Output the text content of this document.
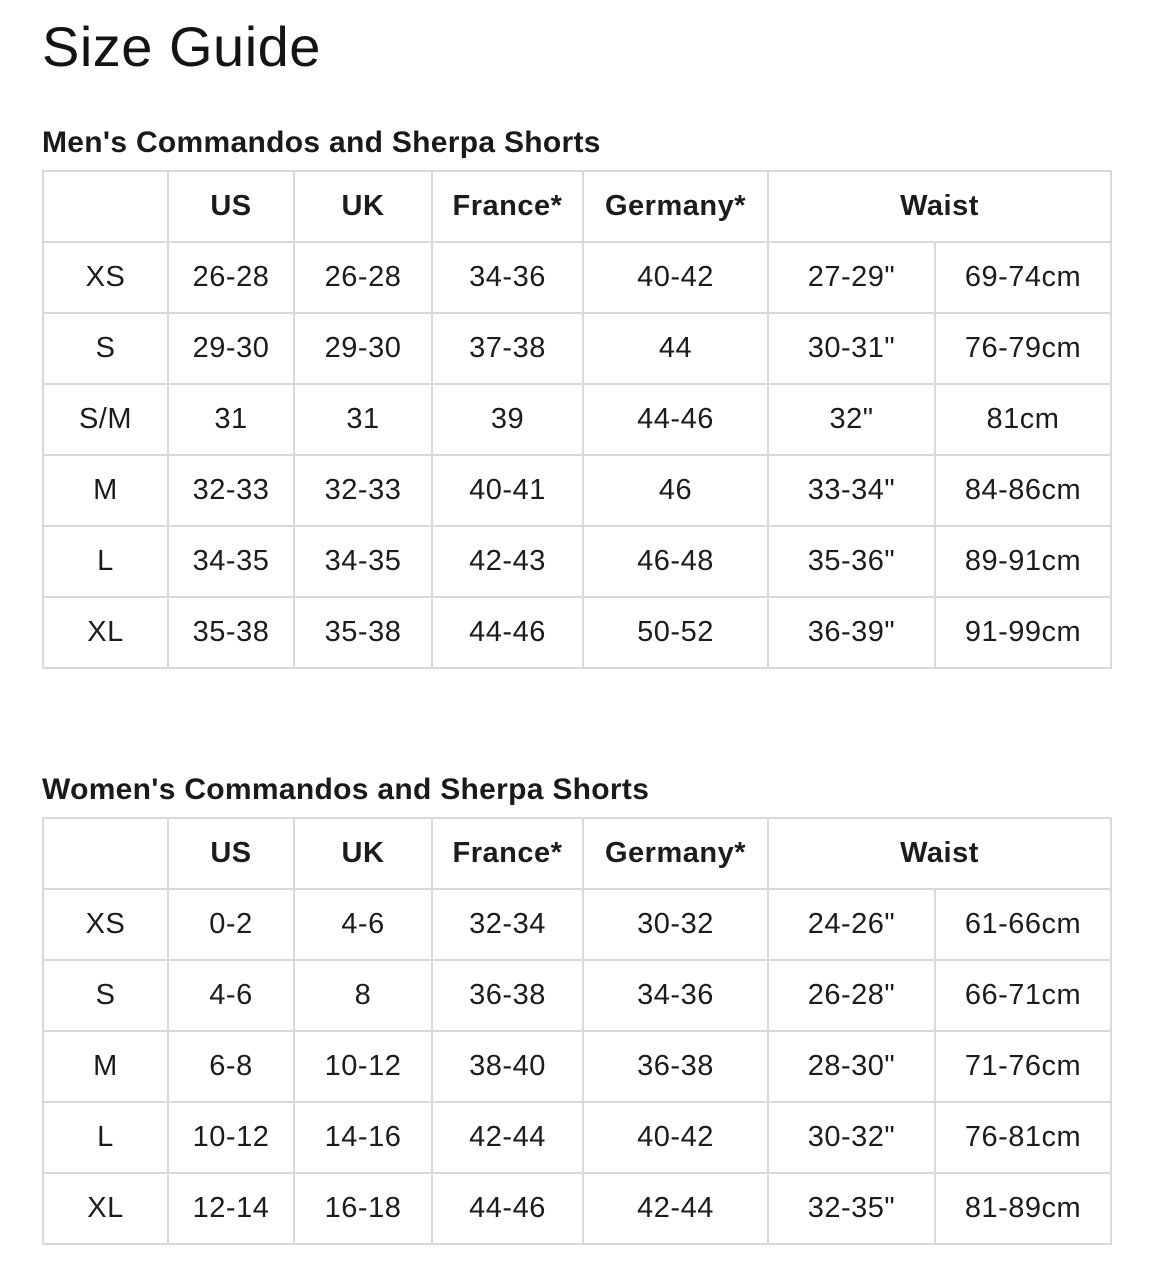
Size Guide
Men's Commandos and Sherpa Shorts
	US	UK	France*	Germany*	Waist	
XS	26-28	26-28	34-36	40-42	27-29"	69-74cm
S	29-30	29-30	37-38	44	30-31"	76-79cm
S/M	31	31	39	44-46	32"	81cm
M	32-33	32-33	40-41	46	33-34"	84-86cm
L	34-35	34-35	42-43	46-48	35-36"	89-91cm
XL	35-38	35-38	44-46	50-52	36-39"	91-99cm
Women's Commandos and Sherpa Shorts
	US	UK	France*	Germany*	Waist	
XS	0-2	4-6	32-34	30-32	24-26"	61-66cm
S	4-6	8	36-38	34-36	26-28"	66-71cm
M	6-8	10-12	38-40	36-38	28-30"	71-76cm
L	10-12	14-16	42-44	40-42	30-32"	76-81cm
XL	12-14	16-18	44-46	42-44	32-35"	81-89cm
